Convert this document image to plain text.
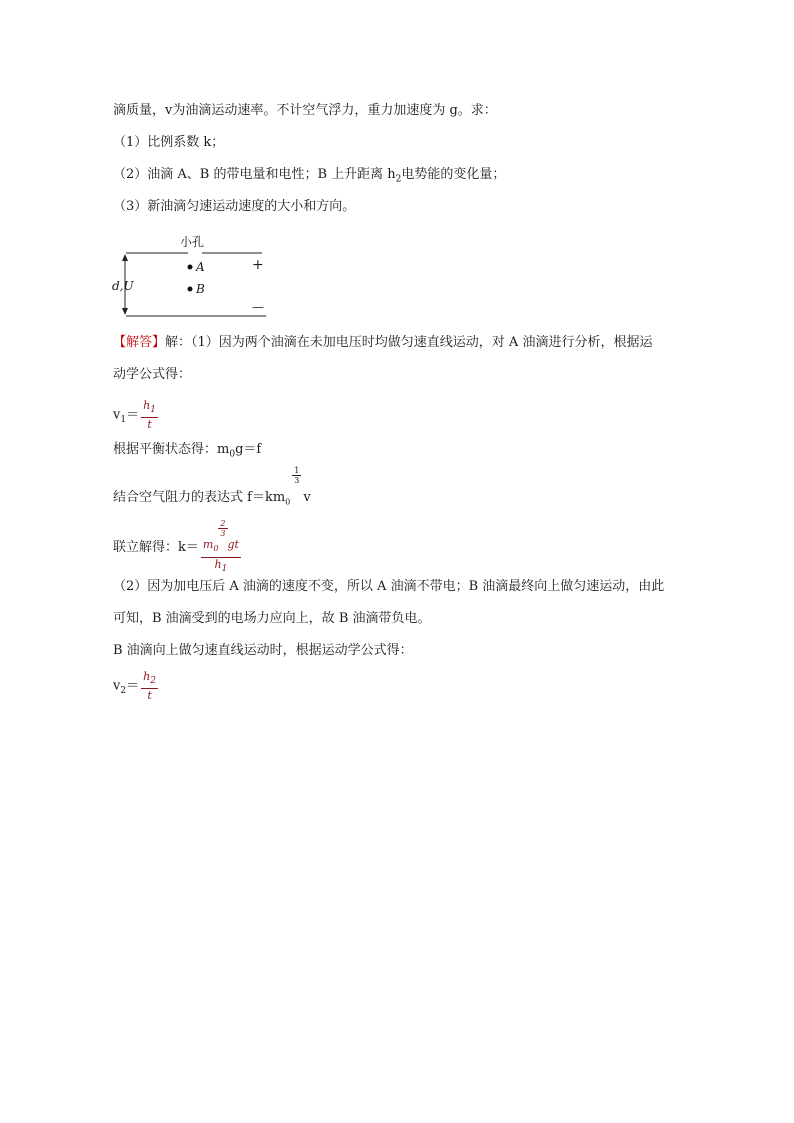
滴质量，v为油滴运动速率。不计空气浮力，重力加速度为 g。求：
（1）比例系数 k；
（2）油滴 A、B 的带电量和电性；B 上升距离 $h_2$电势能的变化量；
（3）新油滴匀速运动速度的大小和方向。
小孔
A
B
d,U
+
—
【解答】解：（1）因为两个油滴在未加电压时均做匀速直线运动，对 A 油滴进行分析，根据运
动学公式得：
$v_1= \frac{h_1}{t}$
根据平衡状态得：$m_0g=f$
结合空气阻力的表达式 $f=km_0$
$\frac{1}{3}$
v
联立解得：$k= m_0$
$\frac{2}{3}$
gt
$h_1$
（2）因为加电压后 A 油滴的速度不变，所以 A 油滴不带电；B 油滴最终向上做匀速运动，由此
可知，B 油滴受到的电场力应向上，故 B 油滴带负电。
B 油滴向上做匀速直线运动时，根据运动学公式得：
$v_2= \frac{h_2}{t}$
